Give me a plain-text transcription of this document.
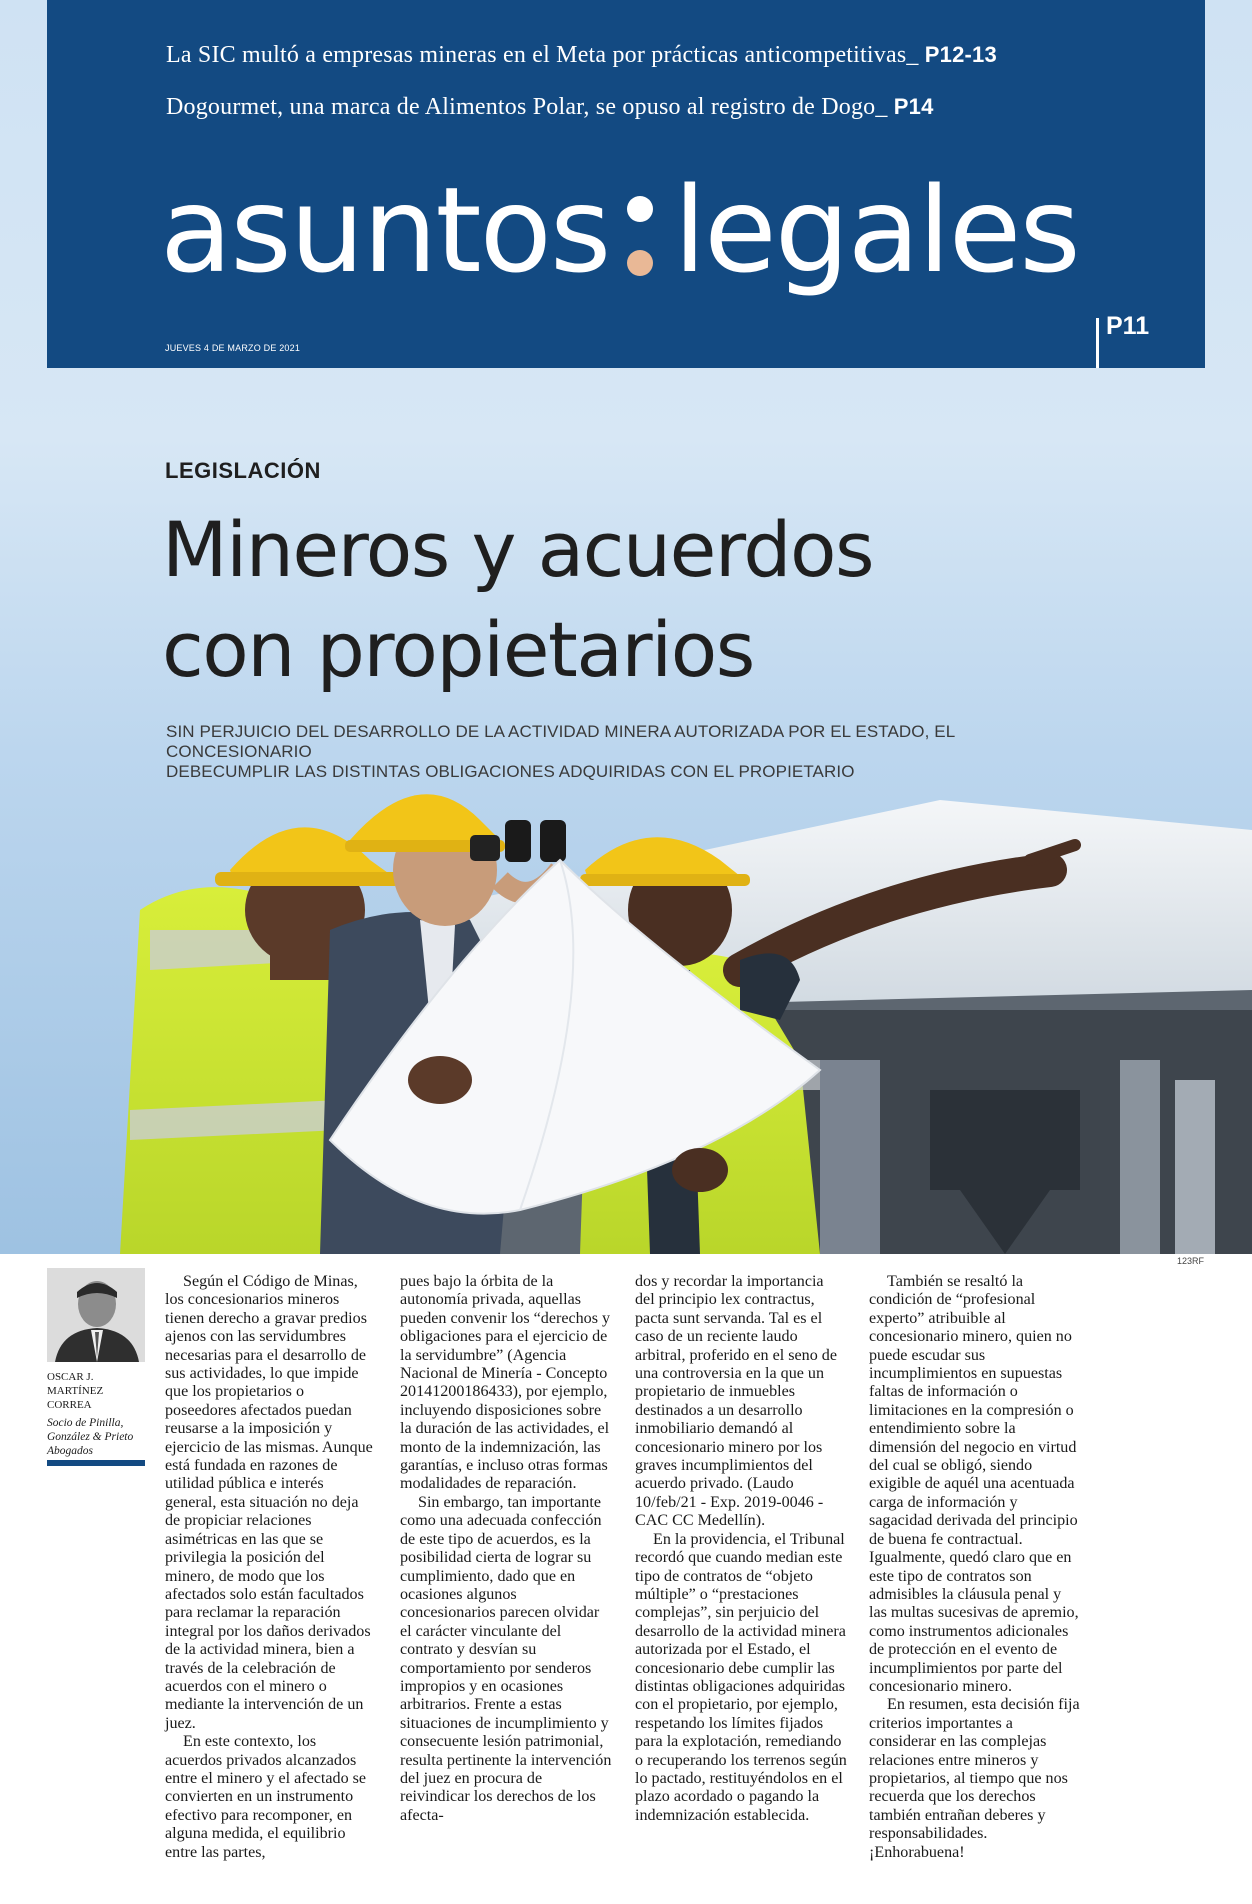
La SIC multó a empresas mineras en el Meta por prácticas anticompetitivas_ P12-13
Dogourmet, una marca de Alimentos Polar, se opuso al registro de Dogo_ P14
asuntos legales
JUEVES 4 DE MARZO DE 2021
P11
LEGISLACIÓN
Mineros y acuerdos
con propietarios
SIN PERJUICIO DEL DESARROLLO DE LA ACTIVIDAD MINERA AUTORIZADA POR EL ESTADO, EL CONCESIONARIO
DEBECUMPLIR LAS DISTINTAS OBLIGACIONES ADQUIRIDAS CON EL PROPIETARIO
123RF
OSCAR J.
MARTÍNEZ
CORREA
Socio de Pinilla,
González & Prieto
Abogados

Según el Código de Minas, los concesionarios mineros tienen derecho a gravar predios ajenos con las servidumbres necesarias para el desarrollo de sus actividades, lo que impide que los propietarios o poseedores afectados puedan reusarse a la imposición y ejercicio de las mismas. Aunque está fundada en razones de utilidad pública e interés general, esta situación no deja de propiciar relaciones asimétricas en las que se privilegia la posición del minero, de modo que los afectados solo están facultados para reclamar la reparación integral por los daños derivados de la actividad minera, bien a través de la celebración de acuerdos con el minero o mediante la intervención de un juez.

En este contexto, los acuerdos privados alcanzados entre el minero y el afectado se convierten en un instrumento efectivo para recomponer, en alguna medida, el equilibrio entre las partes,

pues bajo la órbita de la autonomía privada, aquellas pueden convenir los “derechos y obligaciones para el ejercicio de la servidumbre” (Agencia Nacional de Minería - Concepto 20141200186433), por ejemplo, incluyendo disposiciones sobre la duración de las actividades, el monto de la indemnización, las garantías, e incluso otras formas modalidades de reparación.

Sin embargo, tan importante como una adecuada confección de este tipo de acuerdos, es la posibilidad cierta de lograr su cumplimiento, dado que en ocasiones algunos concesionarios parecen olvidar el carácter vinculante del contrato y desvían su comportamiento por senderos impropios y en ocasiones arbitrarios. Frente a estas situaciones de incumplimiento y consecuente lesión patrimonial, resulta pertinente la intervención del juez en procura de reivindicar los derechos de los afecta-

dos y recordar la importancia del principio lex contractus, pacta sunt servanda. Tal es el caso de un reciente laudo arbitral, proferido en el seno de una controversia en la que un propietario de inmuebles destinados a un desarrollo inmobiliario demandó al concesionario minero por los graves incumplimientos del acuerdo privado. (Laudo 10/feb/21 - Exp. 2019-0046 - CAC CC Medellín).

En la providencia, el Tribunal recordó que cuando median este tipo de contratos de “objeto múltiple” o “prestaciones complejas”, sin perjuicio del desarrollo de la actividad minera autorizada por el Estado, el concesionario debe cumplir las distintas obligaciones adquiridas con el propietario, por ejemplo, respetando los límites fijados para la explotación, remediando o recuperando los terrenos según lo pactado, restituyéndolos en el plazo acordado o pagando la indemnización establecida.

También se resaltó la condición de “profesional experto” atribuible al concesionario minero, quien no puede escudar sus incumplimientos en supuestas faltas de información o limitaciones en la compresión o entendimiento sobre la dimensión del negocio en virtud del cual se obligó, siendo exigible de aquél una acentuada carga de información y sagacidad derivada del principio de buena fe contractual. Igualmente, quedó claro que en este tipo de contratos son admisibles la cláusula penal y las multas sucesivas de apremio, como instrumentos adicionales de protección en el evento de incumplimientos por parte del concesionario minero.

En resumen, esta decisión fija criterios importantes a considerar en las complejas relaciones entre mineros y propietarios, al tiempo que nos recuerda que los derechos también entrañan deberes y responsabilidades. ¡Enhorabuena!
